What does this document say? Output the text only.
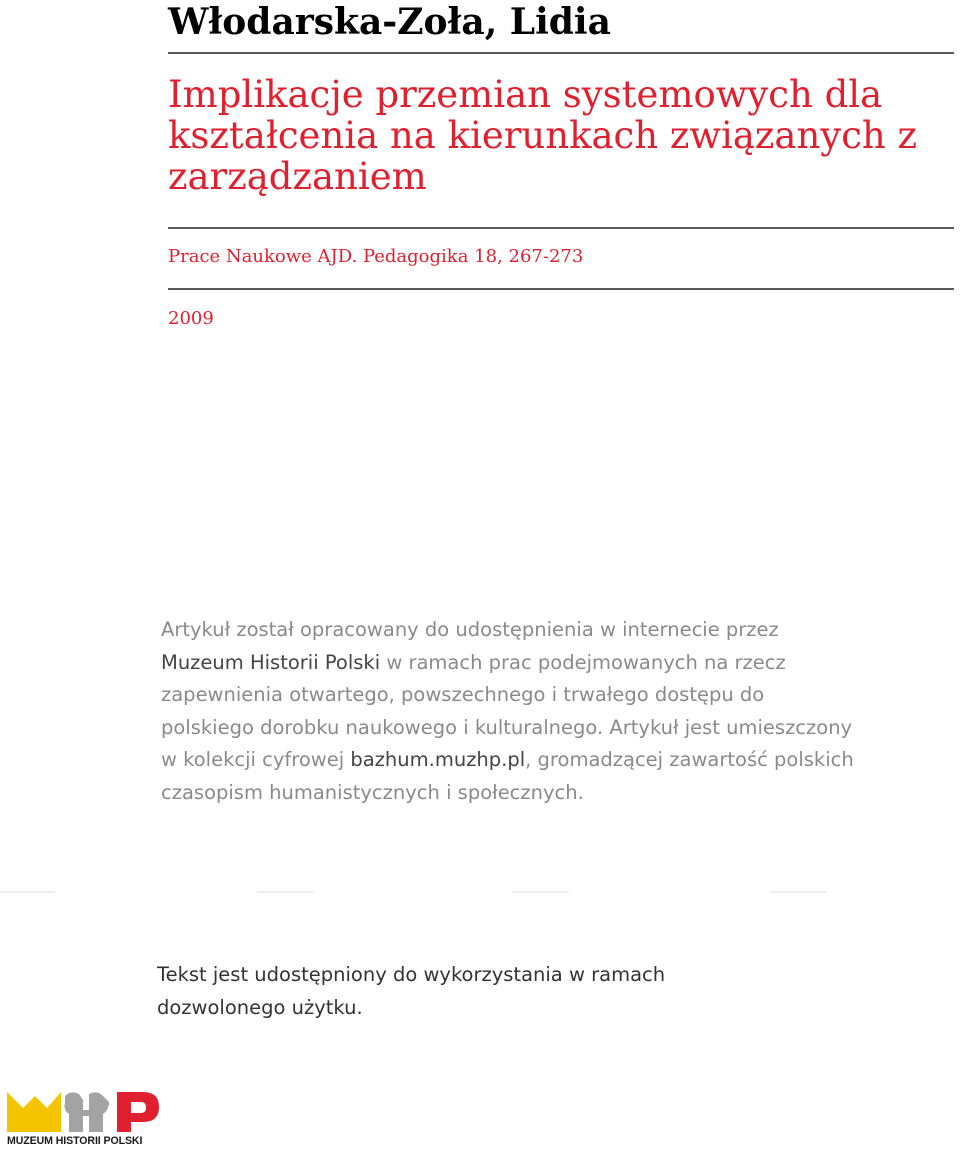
Włodarska-Zoła, Lidia
Implikacje przemian systemowych dla
kształcenia na kierunkach związanych z
zarządzaniem
Prace Naukowe AJD. Pedagogika 18, 267-273
2009
Artykuł został opracowany do udostępnienia w internecie przez
Muzeum Historii Polski w ramach prac podejmowanych na rzecz
zapewnienia otwartego, powszechnego i trwałego dostępu do
polskiego dorobku naukowego i kulturalnego. Artykuł jest umieszczony
w kolekcji cyfrowej bazhum.muzhp.pl, gromadzącej zawartość polskich
czasopism humanistycznych i społecznych.
Tekst jest udostępniony do wykorzystania w ramach
dozwolonego użytku.
MUZEUM HISTORII POLSKI
